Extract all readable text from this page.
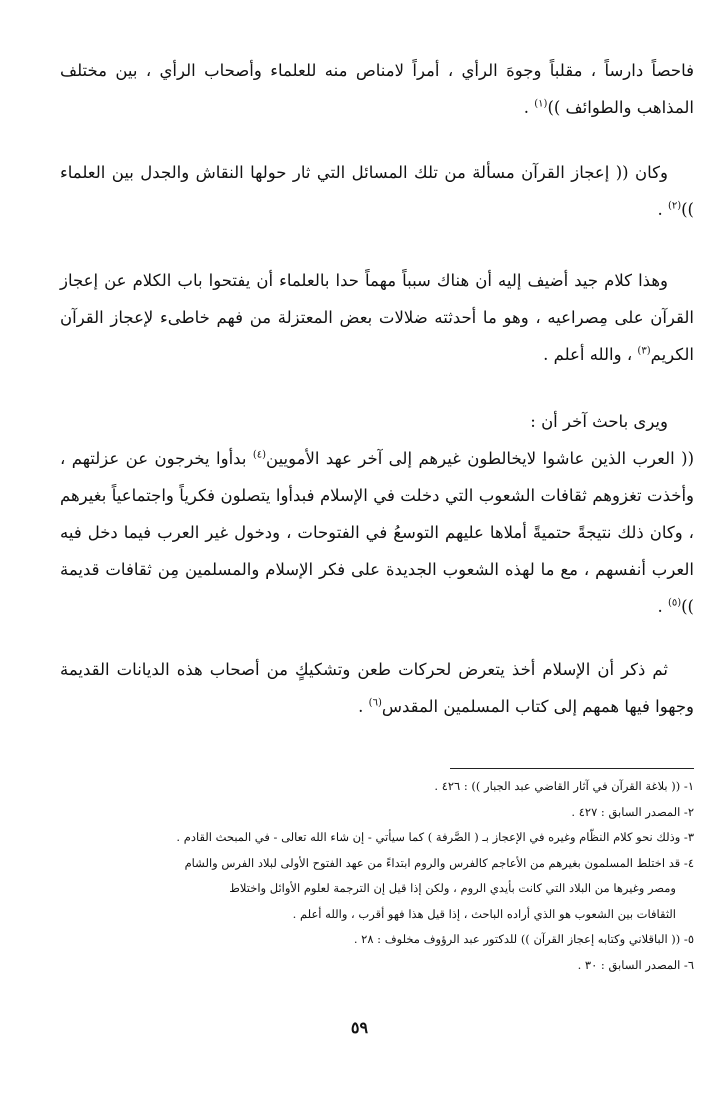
فاحصاً دارساً ، مقلباً وجوهَ الرأي ، أمراً لامناص منه للعلماء وأصحاب الرأي ، بين مختلف المذاهب والطوائف ))$^{(١)}$ .

وكان (( إعجاز القرآن مسألة من تلك المسائل التي ثار حولها النقاش والجدل بين العلماء ))$^{(٢)}$ .

وهذا كلام جيد أضيف إليه أن هناك سبباً مهماً حدا بالعلماء أن يفتحوا باب الكلام عن إعجاز القرآن على مِصراعيه ، وهو ما أحدثته ضلالات بعض المعتزلة من فهم خاطىء لإعجاز القرآن الكريم$^{(٣)}$ ، والله أعلم .

ويرى باحث آخر أن :

(( العرب الذين عاشوا لايخالطون غيرهم إلى آخر عهد الأمويين$^{(٤)}$ بدأوا يخرجون عن عزلتهم ، وأخذت تغزوهم ثقافات الشعوب التي دخلت في الإسلام فبدأوا يتصلون فكرياً واجتماعياً بغيرهم ، وكان ذلك نتيجةً حتميةً أملاها عليهم التوسعُ في الفتوحات ، ودخول غير العرب فيما دخل فيه العرب أنفسهم ، مع ما لهذه الشعوب الجديدة على فكر الإسلام والمسلمين مِن ثقافات قديمة ))$^{(٥)}$ .

ثم ذكر أن الإسلام أخذ يتعرض لحركات طعن وتشكيكٍ من أصحاب هذه الديانات القديمة وجهوا فيها همهم إلى كتاب المسلمين المقدس$^{(٦)}$ .

١- (( بلاغة القرآن في آثار القاضي عبد الجبار )) : ٤٢٦ .

٢- المصدر السابق : ٤٢٧ .

٣- وذلك نحو كلام النظّام وغيره في الإعجاز بـ ( الصَّرفة ) كما سيأتي - إن شاء الله تعالى - في المبحث القادم .

٤- قد اختلط المسلمون بغيرهم من الأعاجم كالفرس والروم ابتداءً من عهد الفتوح الأولى لبلاد الفرس والشام

ومصر وغيرها من البلاد التي كانت بأيدي الروم ، ولكن إذا قيل إن الترجمة لعلوم الأوائل واختلاط

الثقافات بين الشعوب هو الذي أراده الباحث ، إذا قيل هذا فهو أقرب ، والله أعلم .

٥- (( الباقلاني وكتابه إعجاز القرآن )) للدكتور عبد الرؤوف مخلوف : ٢٨ .

٦- المصدر السابق : ٣٠ .

٥٩
